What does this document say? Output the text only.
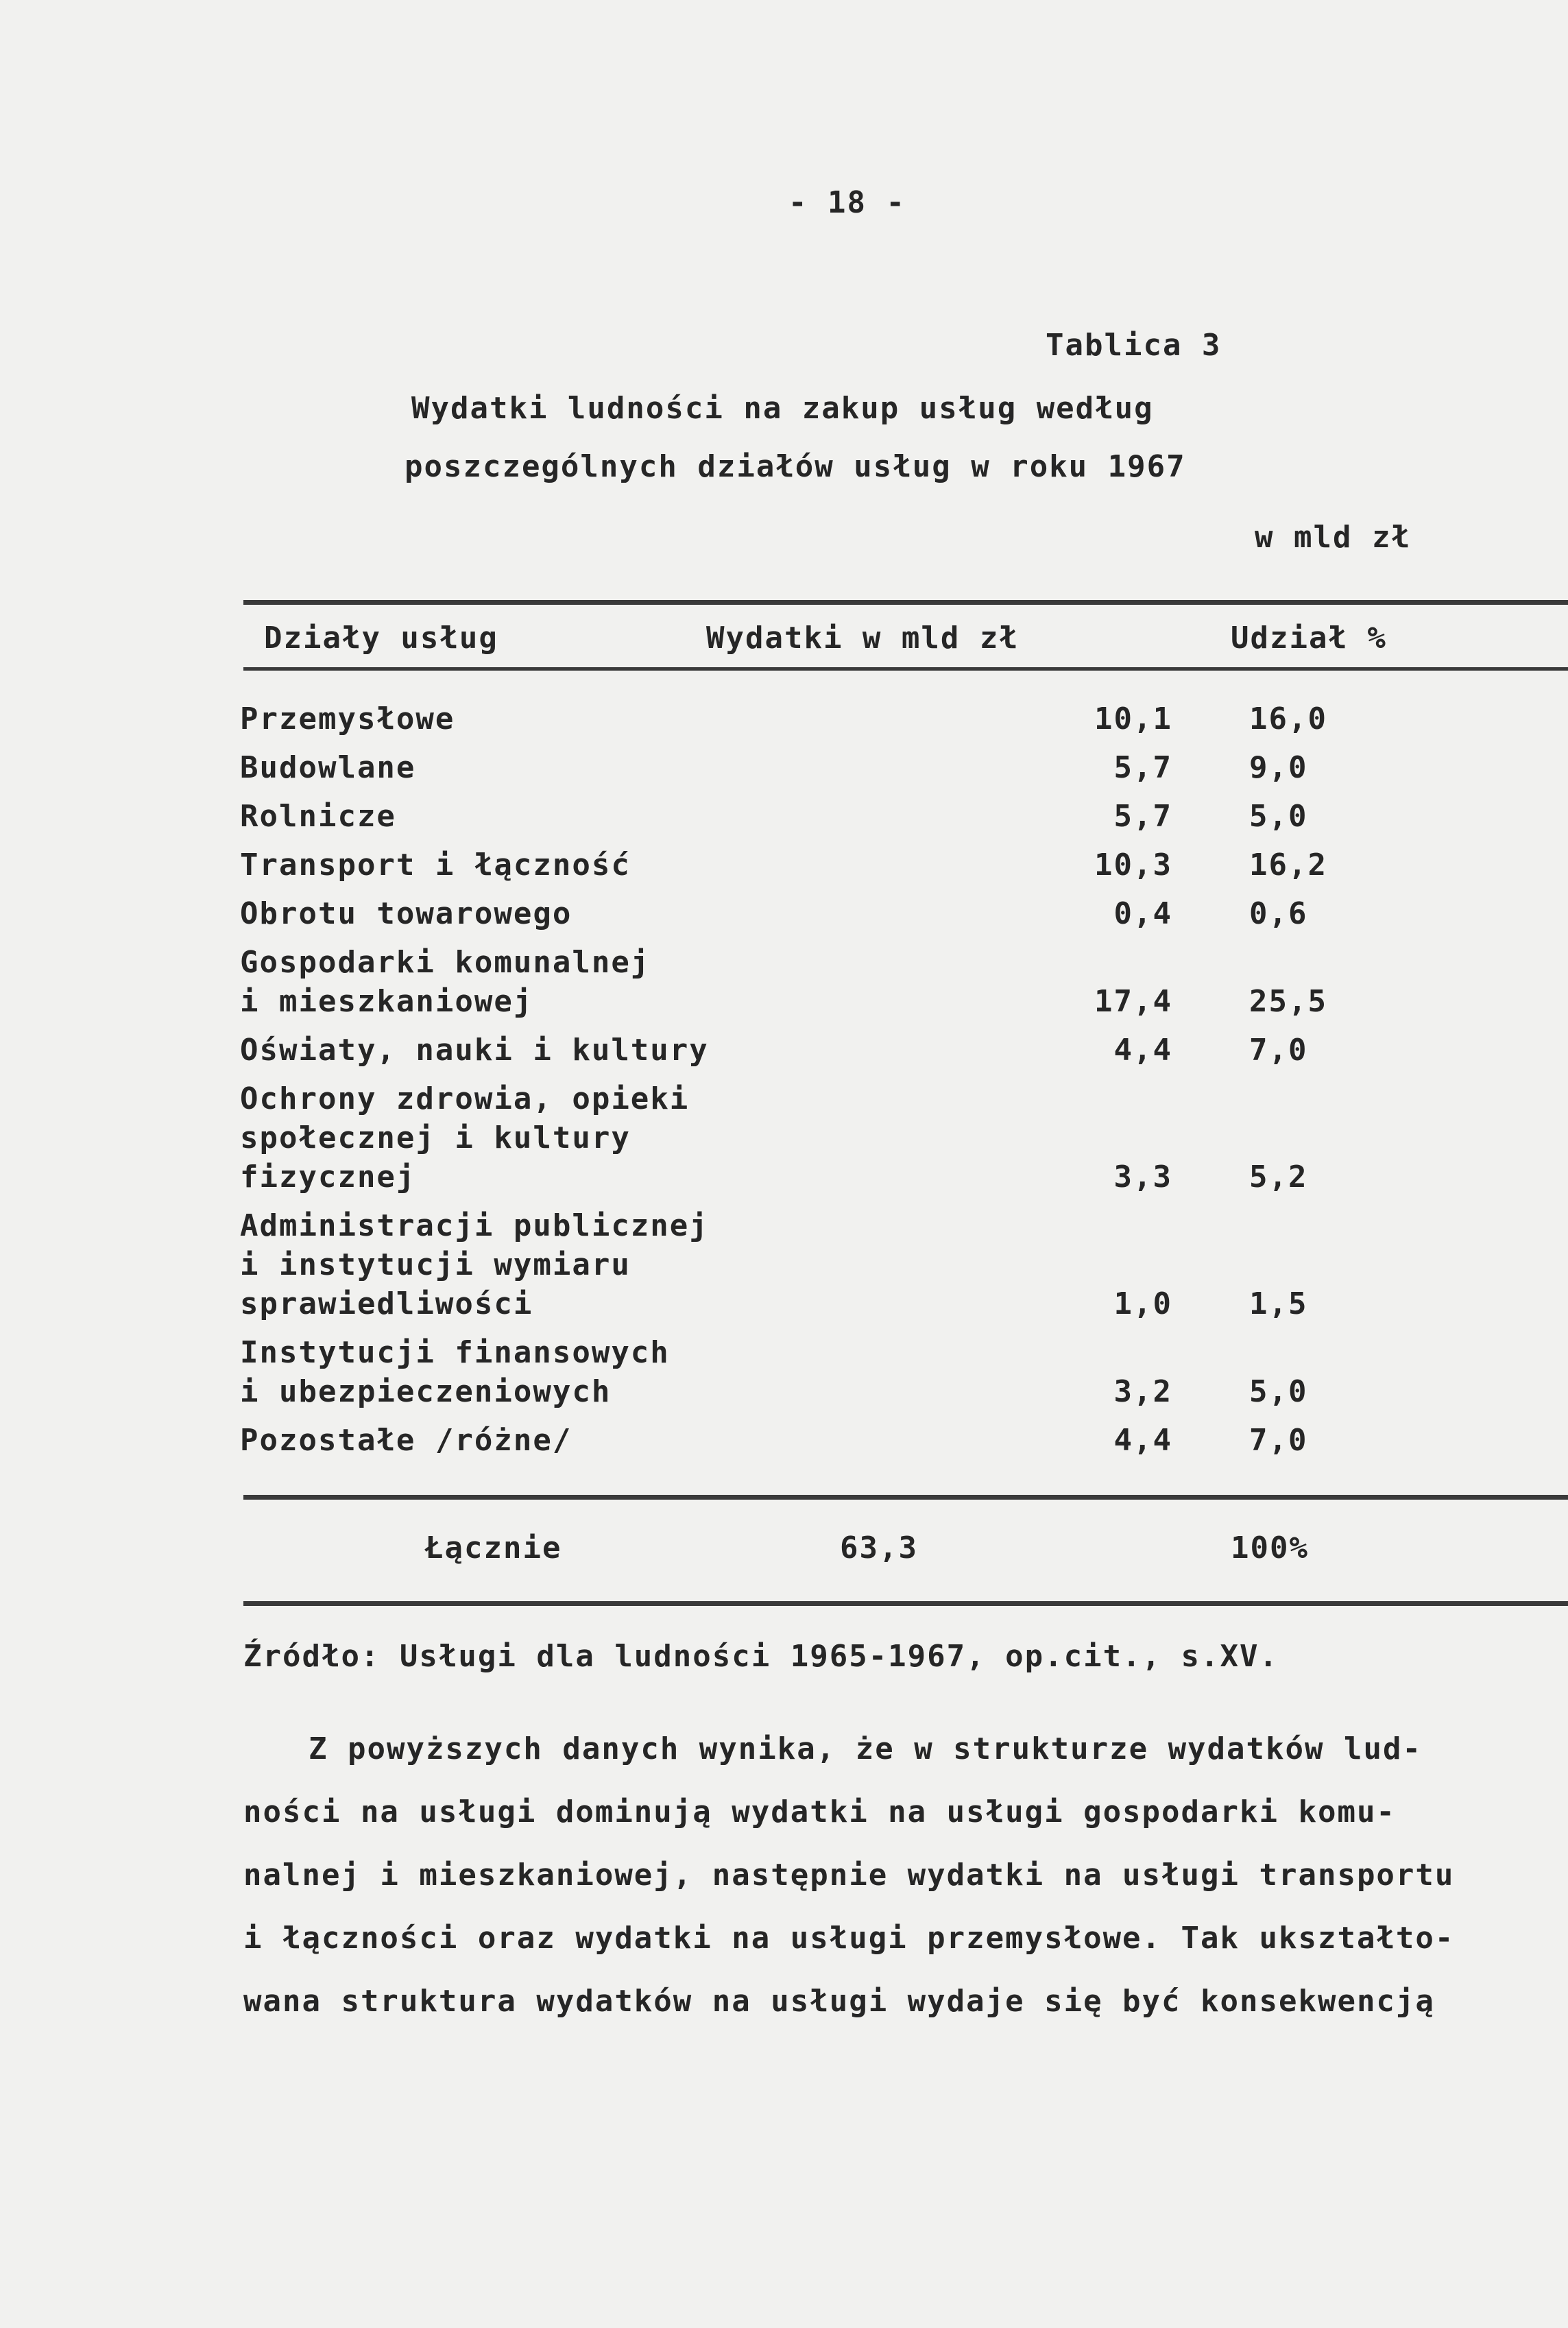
- 18 -
Tablica 3
Wydatki ludności na zakup usług według
poszczególnych działów usług w roku 1967
w mld zł
Działy usług	Wydatki w mld zł	Udział %
Przemysłowe	10,1	16,0
Budowlane	5,7	9,0
Rolnicze	5,7	5,0
Transport i łączność	10,3	16,2
Obrotu towarowego	0,4	0,6
Gospodarki komunalnej
i mieszkaniowej	17,4	25,5
Oświaty, nauki i kultury	4,4	7,0
Ochrony zdrowia, opieki
społecznej i kultury
fizycznej	3,3	5,2
Administracji publicznej
i instytucji wymiaru
sprawiedliwości	1,0	1,5
Instytucji finansowych
i ubezpieczeniowych	3,2	5,0
Pozostałe /różne/	4,4	7,0
Łącznie	63,3	100%
Źródło: Usługi dla ludności 1965-1967, op.cit., s.XV.
Z powyższych danych wynika, że w strukturze wydatków lud-
ności na usługi dominują wydatki na usługi gospodarki komu-
nalnej i mieszkaniowej, następnie wydatki na usługi transportu
i łączności oraz wydatki na usługi przemysłowe. Tak ukształto-
wana struktura wydatków na usługi wydaje się być konsekwencją
